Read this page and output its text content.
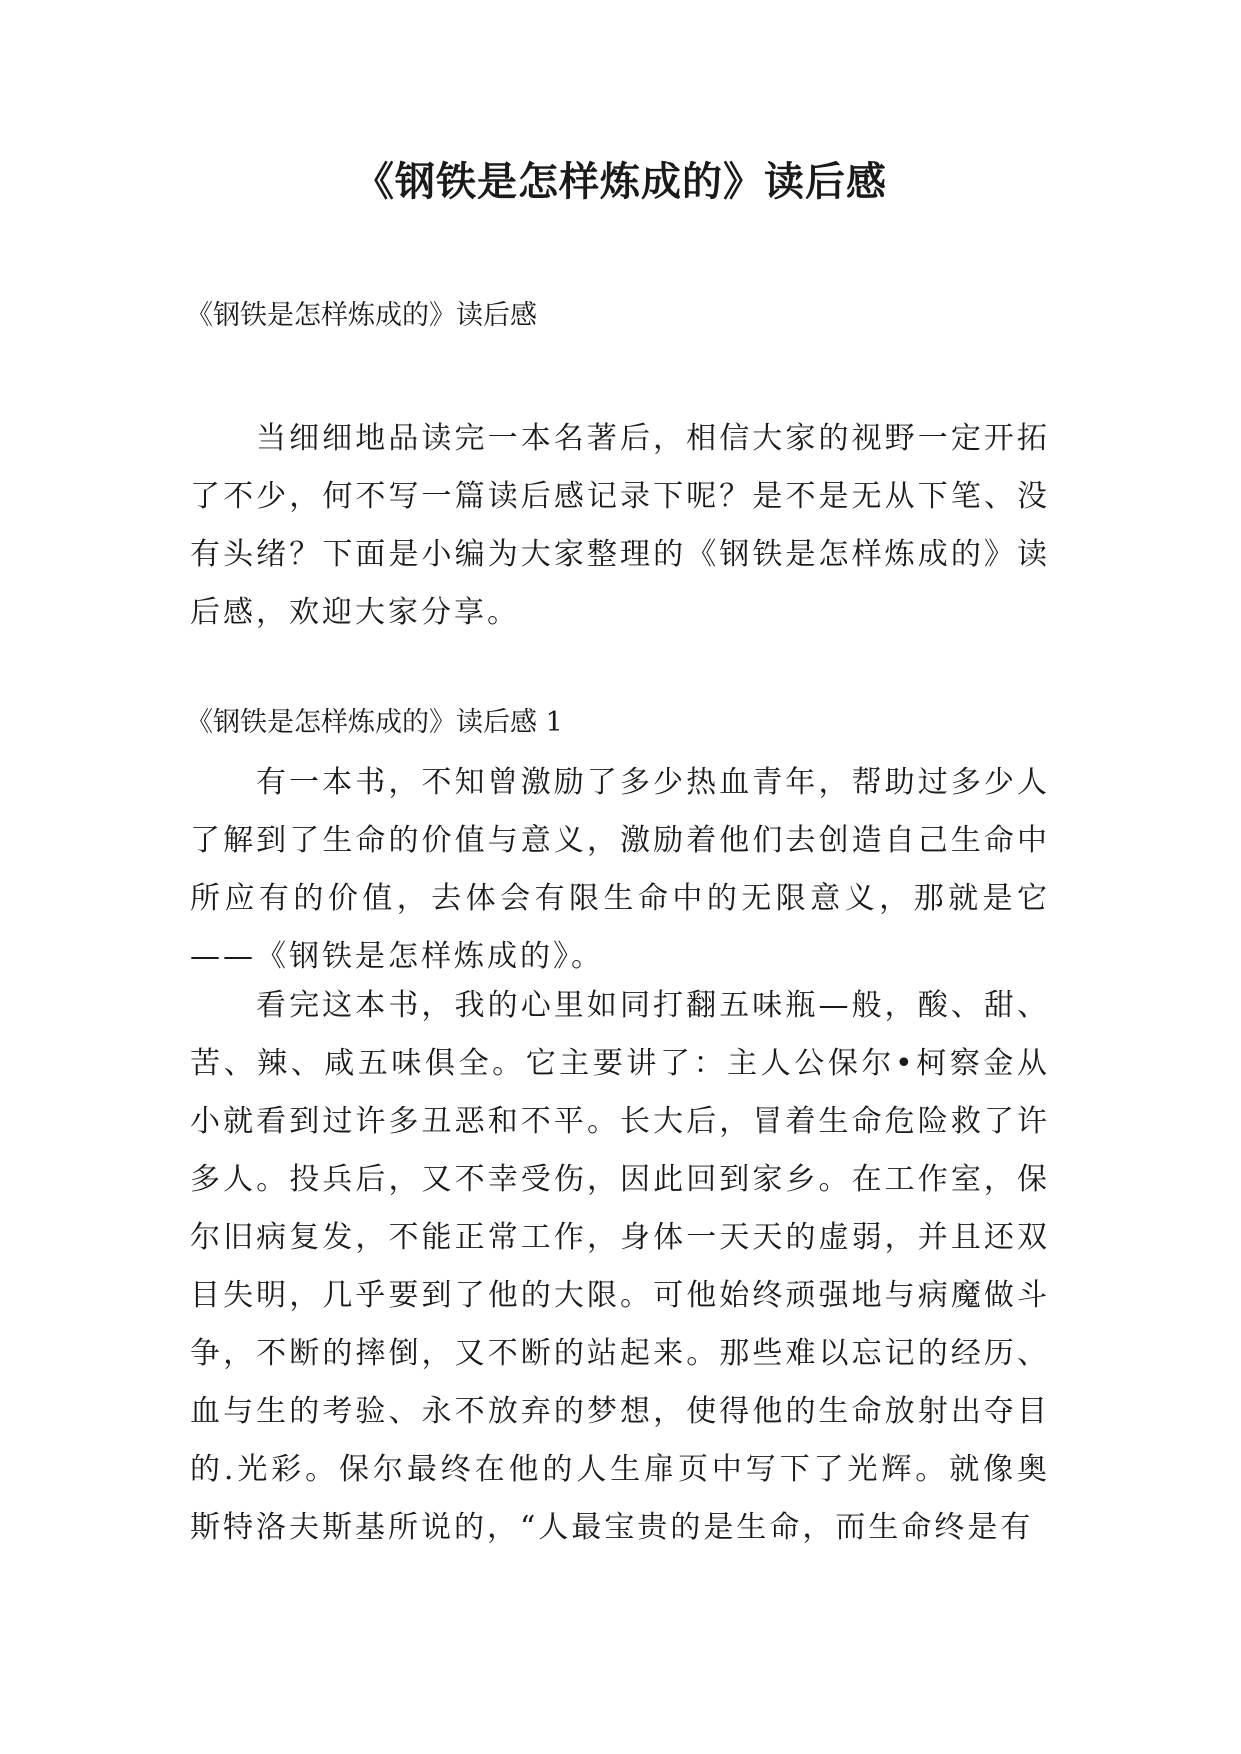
《钢铁是怎样炼成的》读后感

《钢铁是怎样炼成的》读后感

当细细地品读完一本名著后，相信大家的视野一定开拓了不少，何不写一篇读后感记录下呢？是不是无从下笔、没有头绪？下面是小编为大家整理的《钢铁是怎样炼成的》读后感，欢迎大家分享。

《钢铁是怎样炼成的》读后感 1

有一本书，不知曾激励了多少热血青年，帮助过多少人了解到了生命的价值与意义，激励着他们去创造自己生命中所应有的价值，去体会有限生命中的无限意义，那就是它——《钢铁是怎样炼成的》。

看完这本书，我的心里如同打翻五味瓶—般，酸、甜、苦、辣、咸五味俱全。它主要讲了：主人公保尔•柯察金从小就看到过许多丑恶和不平。长大后，冒着生命危险救了许多人。投兵后，又不幸受伤，因此回到家乡。在工作室，保尔旧病复发，不能正常工作，身体一天天的虚弱，并且还双目失明，几乎要到了他的大限。可他始终顽强地与病魔做斗争，不断的摔倒，又不断的站起来。那些难以忘记的经历、血与生的考验、永不放弃的梦想，使得他的生命放射出夺目的.光彩。保尔最终在他的人生扉页中写下了光辉。就像奥斯特洛夫斯基所说的，“人最宝贵的是生命，而生命终是有
